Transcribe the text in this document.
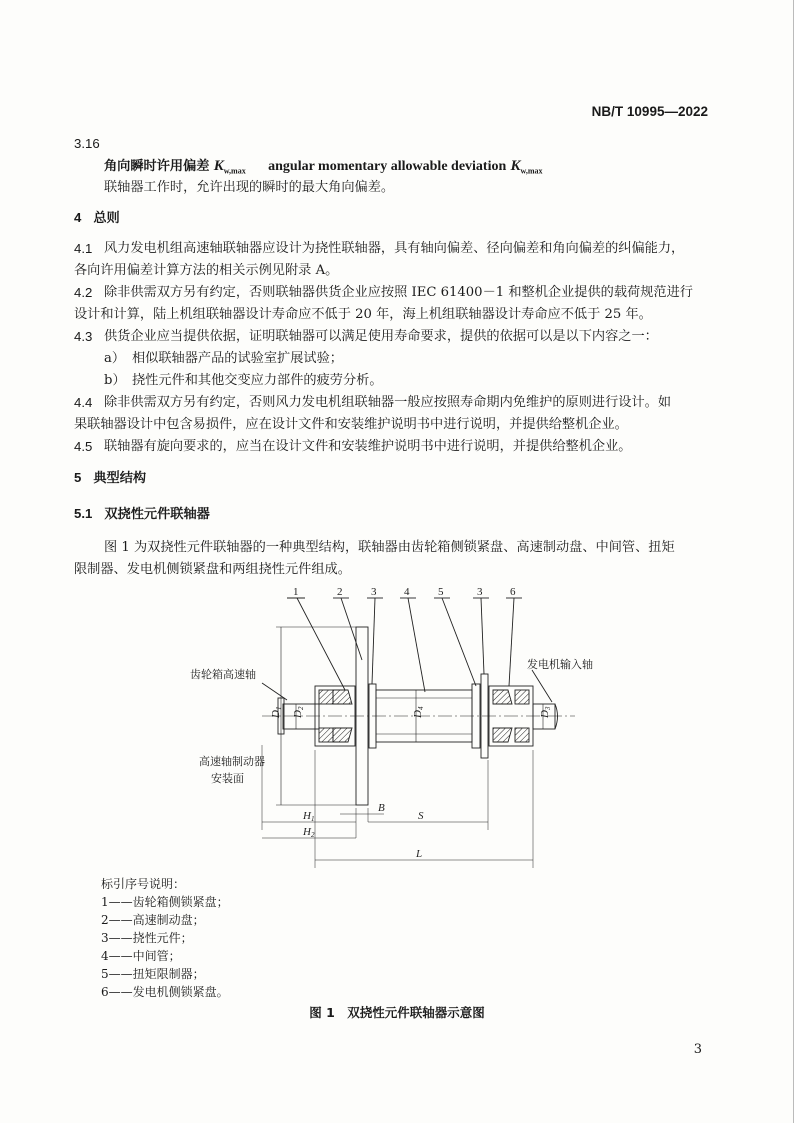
NB/T 10995—2022
3.16
角向瞬时许用偏差 $K_{w,max}$ angular momentary allowable deviation $K_{w,max}$
联轴器工作时，允许出现的瞬时的最大角向偏差。
4 总则
4.1 风力发电机组高速轴联轴器应设计为挠性联轴器，具有轴向偏差、径向偏差和角向偏差的纠偏能力，
各向许用偏差计算方法的相关示例见附录 A。
4.2 除非供需双方另有约定，否则联轴器供货企业应按照 IEC 61400－1 和整机企业提供的载荷规范进行
设计和计算，陆上机组联轴器设计寿命应不低于 20 年，海上机组联轴器设计寿命应不低于 25 年。
4.3 供货企业应当提供依据，证明联轴器可以满足使用寿命要求，提供的依据可以是以下内容之一：
a） 相似联轴器产品的试验室扩展试验；
b） 挠性元件和其他交变应力部件的疲劳分析。
4.4 除非供需双方另有约定，否则风力发电机组联轴器一般应按照寿命期内免维护的原则进行设计。如
果联轴器设计中包含易损件，应在设计文件和安装维护说明书中进行说明，并提供给整机企业。
4.5 联轴器有旋向要求的，应当在设计文件和安装维护说明书中进行说明，并提供给整机企业。
5 典型结构
5.1 双挠性元件联轴器
图 1 为双挠性元件联轴器的一种典型结构，联轴器由齿轮箱侧锁紧盘、高速制动盘、中间管、扭矩
限制器、发电机侧锁紧盘和两组挠性元件组成。
1	2	3	4	5	3	6
D1
D2
D4
D3
B
H1	S
H2
L
齿轮箱高速轴
发电机输入轴
高速轴制动器
安装面
标引序号说明：
1——齿轮箱侧锁紧盘；
2——高速制动盘；
3——挠性元件；
4——中间管；
5——扭矩限制器；
6——发电机侧锁紧盘。
图 1　双挠性元件联轴器示意图
3
